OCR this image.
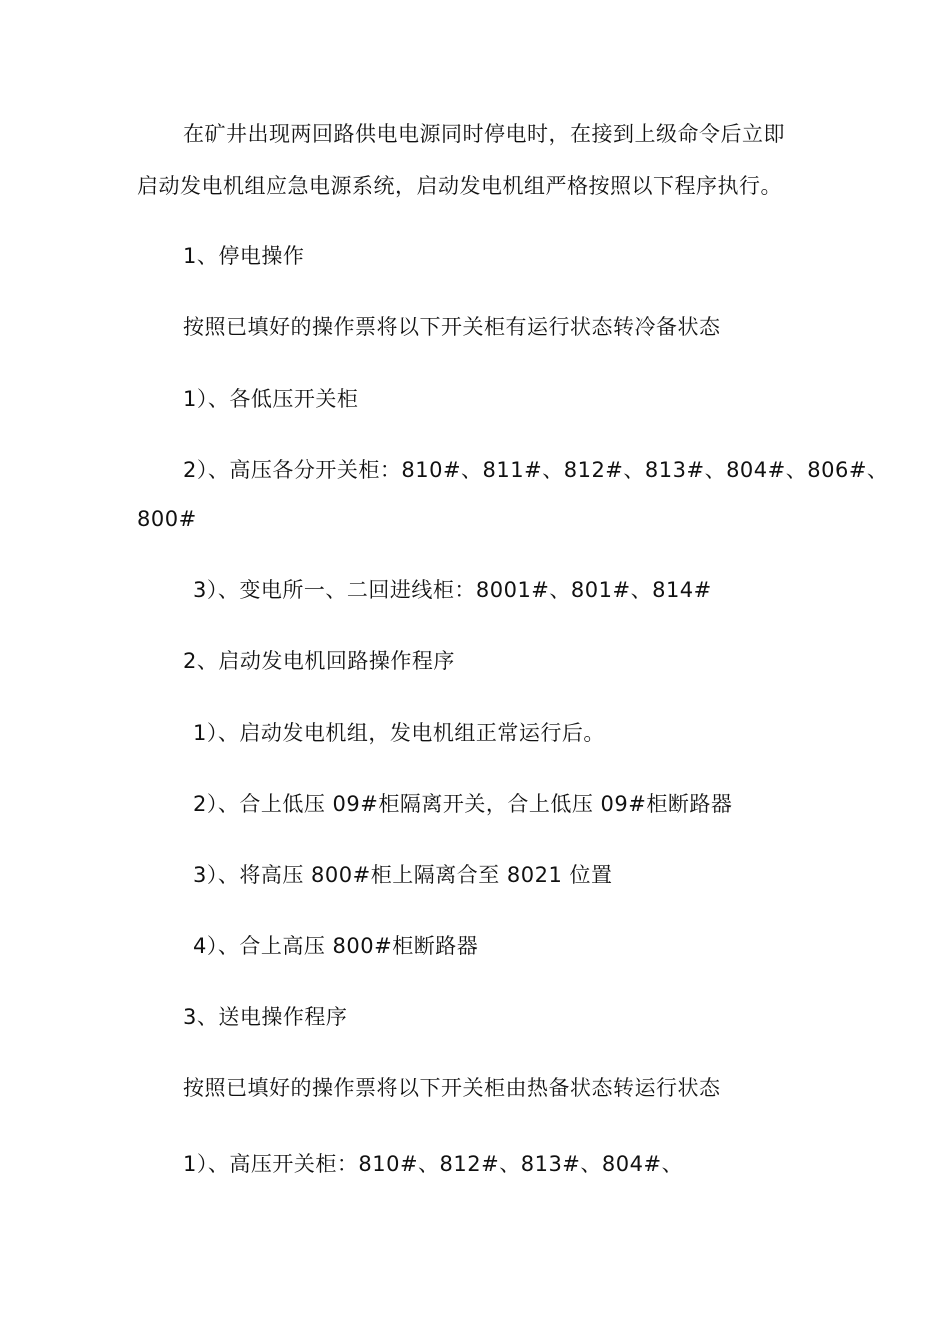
在矿井出现两回路供电电源同时停电时，在接到上级命令后立即
启动发电机组应急电源系统，启动发电机组严格按照以下程序执行。
1、停电操作
按照已填好的操作票将以下开关柜有运行状态转冷备状态
1）、各低压开关柜
2）、高压各分开关柜：810#、811#、812#、813#、804#、806#、
800#
3）、变电所一、二回进线柜：8001#、801#、814#
2、启动发电机回路操作程序
1）、启动发电机组，发电机组正常运行后。
2）、合上低压 09#柜隔离开关，合上低压 09#柜断路器
3）、将高压 800#柜上隔离合至 8021 位置
4）、合上高压 800#柜断路器
3、送电操作程序
按照已填好的操作票将以下开关柜由热备状态转运行状态
1）、高压开关柜：810#、812#、813#、804#、
